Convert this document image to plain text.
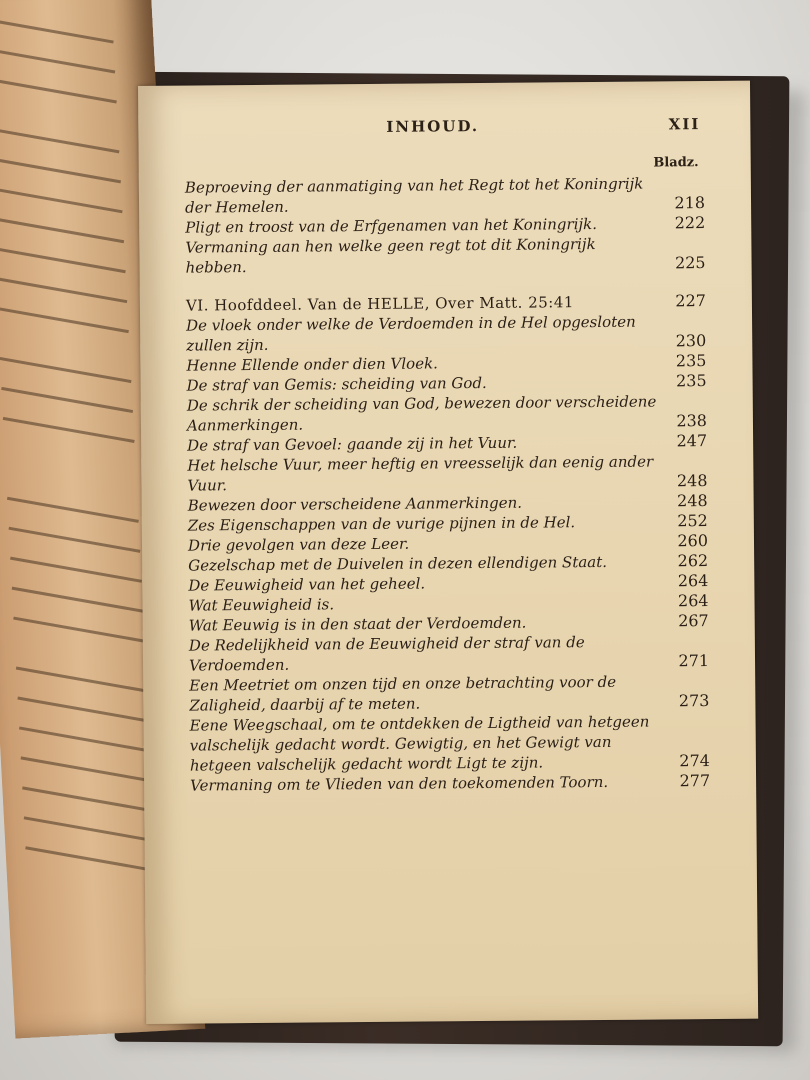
INHOUD.	XII
Bladz.
Beproeving der aanmatiging van het Regt tot het Koningrijk der Hemelen.	218
Pligt en troost van de Erfgenamen van het Koningrijk.	222
Vermaning aan hen welke geen regt tot dit Koningrijk hebben.	225
VI. Hoofddeel. Van de HELLE, Over Matt. 25:41	227
De vloek onder welke de Verdoemden in de Hel opgesloten zullen zijn.	230
Henne Ellende onder dien Vloek.	235
De straf van Gemis: scheiding van God.	235
De schrik der scheiding van God, bewezen door verscheidene Aanmerkingen.	238
De straf van Gevoel: gaande zij in het Vuur.	247
Het helsche Vuur, meer heftig en vreesselijk dan eenig ander Vuur.	248
Bewezen door verscheidene Aanmerkingen.	248
Zes Eigenschappen van de vurige pijnen in de Hel.	252
Drie gevolgen van deze Leer.	260
Gezelschap met de Duivelen in dezen ellendigen Staat.	262
De Eeuwigheid van het geheel.	264
Wat Eeuwigheid is.	264
Wat Eeuwig is in den staat der Verdoemden.	267
De Redelijkheid van de Eeuwigheid der straf van de Verdoemden.	271
Een Meetriet om onzen tijd en onze betrachting voor de Zaligheid, daarbij af te meten.	273
Eene Weegschaal, om te ontdekken de Ligtheid van hetgeen valschelijk gedacht wordt. Gewigtig, en het Gewigt van hetgeen valschelijk gedacht wordt Ligt te zijn.	274
Vermaning om te Vlieden van den toekomenden Toorn.	277
